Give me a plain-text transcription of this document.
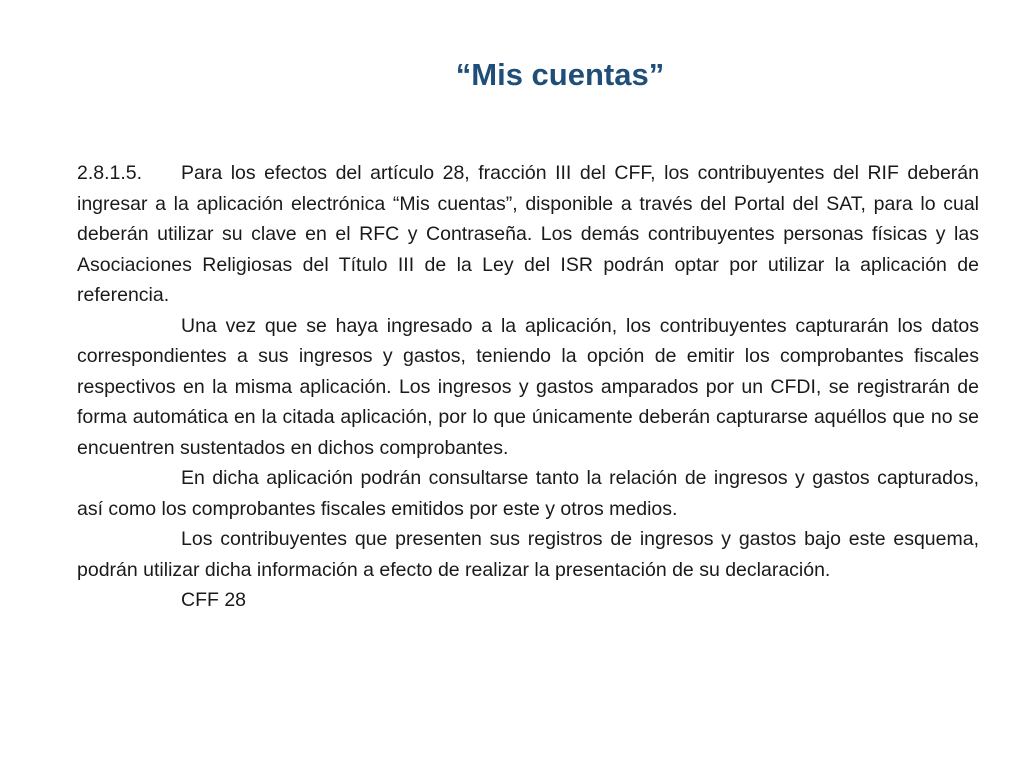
“Mis cuentas”

2.8.1.5. Para los efectos del artículo 28, fracción III del CFF, los contribuyentes del RIF deberán ingresar a la aplicación electrónica “Mis cuentas”, disponible a través del Portal del SAT, para lo cual deberán utilizar su clave en el RFC y Contraseña. Los demás contribuyentes personas físicas y las Asociaciones Religiosas del Título III de la Ley del ISR podrán optar por utilizar la aplicación de referencia.

Una vez que se haya ingresado a la aplicación, los contribuyentes capturarán los datos correspondientes a sus ingresos y gastos, teniendo la opción de emitir los comprobantes fiscales respectivos en la misma aplicación. Los ingresos y gastos amparados por un CFDI, se registrarán de forma automática en la citada aplicación, por lo que únicamente deberán capturarse aquéllos que no se encuentren sustentados en dichos comprobantes.

En dicha aplicación podrán consultarse tanto la relación de ingresos y gastos capturados, así como los comprobantes fiscales emitidos por este y otros medios.

Los contribuyentes que presenten sus registros de ingresos y gastos bajo este esquema, podrán utilizar dicha información a efecto de realizar la presentación de su declaración.

CFF 28
